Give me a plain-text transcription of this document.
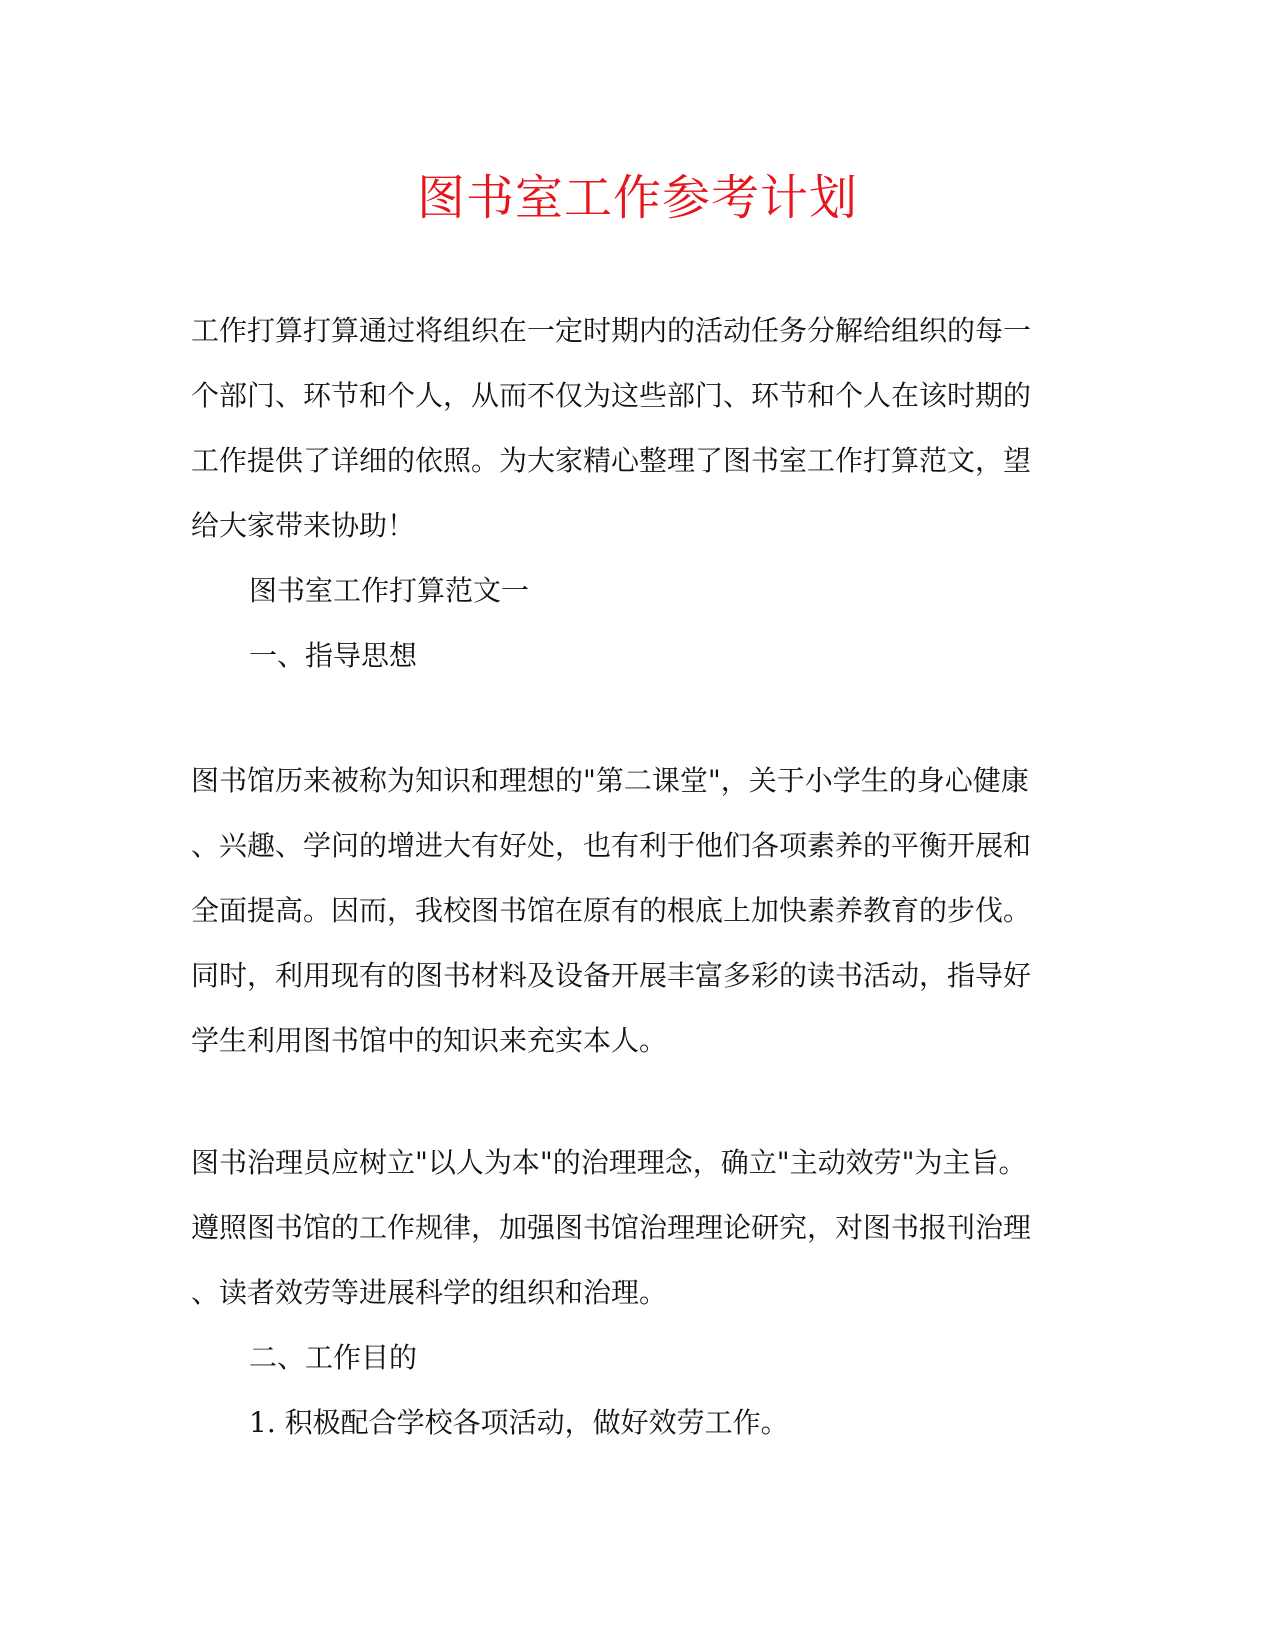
图书室工作参考计划
工作打算打算通过将组织在一定时期内的活动任务分解给组织的每一
个部门、环节和个人，从而不仅为这些部门、环节和个人在该时期的
工作提供了详细的依照。为大家精心整理了图书室工作打算范文，望
给大家带来协助！
图书室工作打算范文一
一、指导思想
图书馆历来被称为知识和理想的"第二课堂"，关于小学生的身心健康
、兴趣、学问的增进大有好处，也有利于他们各项素养的平衡开展和
全面提高。因而，我校图书馆在原有的根底上加快素养教育的步伐。
同时，利用现有的图书材料及设备开展丰富多彩的读书活动，指导好
学生利用图书馆中的知识来充实本人。
图书治理员应树立"以人为本"的治理理念，确立"主动效劳"为主旨。
遵照图书馆的工作规律，加强图书馆治理理论研究，对图书报刊治理
、读者效劳等进展科学的组织和治理。
二、工作目的
1. 积极配合学校各项活动，做好效劳工作。
